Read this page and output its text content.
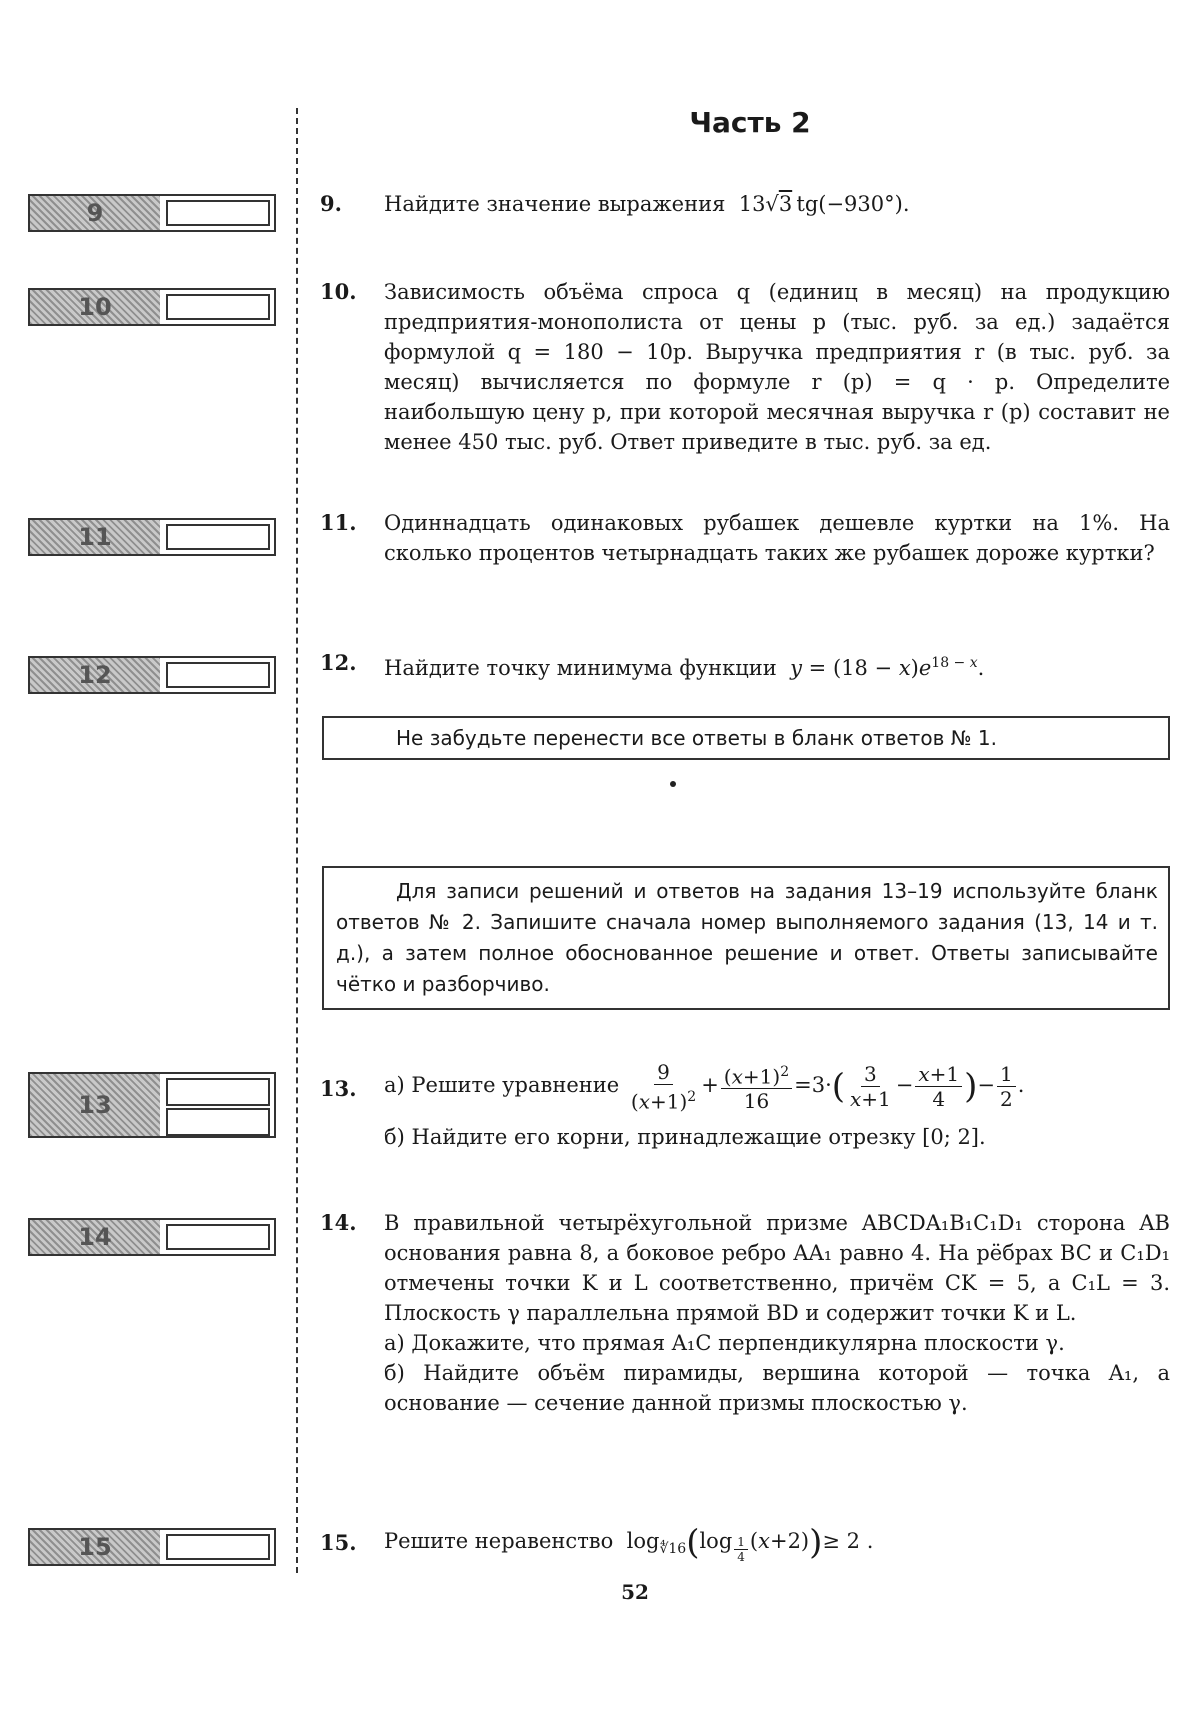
Часть 2
9
10
11
12
13
14
15
9. Найдите значение выражения  13√3 tg(−930°).
10. Зависимость объёма спроса q (единиц в месяц) на продукцию предприятия-монополиста от цены p (тыс. руб. за ед.) задаётся формулой q = 180 − 10p. Выручка предприятия r (в тыс. руб. за месяц) вычисляется по формуле r (p) = q · p. Определите наибольшую цену p, при которой месячная выручка r (p) составит не менее 450 тыс. руб. Ответ приведите в тыс. руб. за ед.

11. Одиннадцать одинаковых рубашек дешевле куртки на 1%. На сколько процентов четырнадцать таких же рубашек дороже куртки?

12. Найдите точку минимума функции $y = (18 - x)e^{18 - x}$.
Не забудьте перенести все ответы в бланк ответов № 1.
Для записи решений и ответов на задания 13–19 используйте бланк ответов № 2. Запишите сначала номер выполняемого задания (13, 14 и т. д.), а затем полное обоснованное решение и ответ. Ответы записывайте чётко и разборчиво.
13. а) Решите уравнение $\frac{9}{(x+1)^2} + \frac{(x+1)^2}{16} =3\cdot( \frac{3}{x+1} - \frac{x+1}{4}$ )− $\frac{1}{2}$ .

б) Найдите его корни, принадлежащие отрезку [0; 2].

14. В правильной четырёхугольной призме ABCDA₁B₁C₁D₁ сторона AB основания равна 8, а боковое ребро AA₁ равно 4. На рёбрах BC и C₁D₁ отмечены точки K и L соответственно, причём CK = 5, а C₁L = 3. Плоскость γ параллельна прямой BD и содержит точки K и L.

а) Докажите, что прямая A₁C перпендикулярна плоскости γ.

б) Найдите объём пирамиды, вершина которой — точка A₁, а основание — сечение данной призмы плоскостью γ.

15. Решите неравенство  $\log_{∜16}(\log$ $_{\frac{1}{4}}$ (x+2))≥ 2 .

52
